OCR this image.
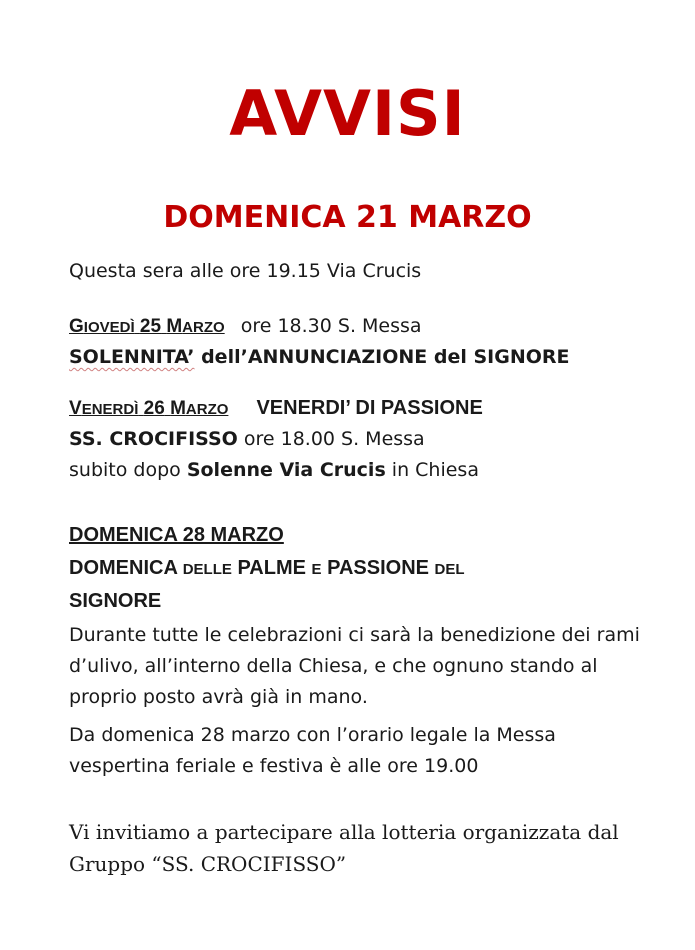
AVVISI
DOMENICA 21 MARZO
Questa sera alle ore 19.15 Via Crucis
GIOVEDÌ 25 MARZO ore 18.30 S. Messa
SOLENNITA’ dell’ANNUNCIAZIONE del SIGNORE
VENERDÌ 26 MARZO VENERDI’ DI PASSIONE
SS. CROCIFISSO ore 18.00 S. Messa
subito dopo Solenne Via Crucis in Chiesa
DOMENICA 28 MARZO
DOMENICA DELLE PALME E PASSIONE DEL
SIGNORE
Durante tutte le celebrazioni ci sarà la benedizione dei rami d’ulivo, all’interno della Chiesa, e che ognuno stando al proprio posto avrà già in mano.
Da domenica 28 marzo con l’orario legale la Messa vespertina feriale e festiva è alle ore 19.00
Vi invitiamo a partecipare alla lotteria organizzata dal Gruppo “SS. CROCIFISSO”
